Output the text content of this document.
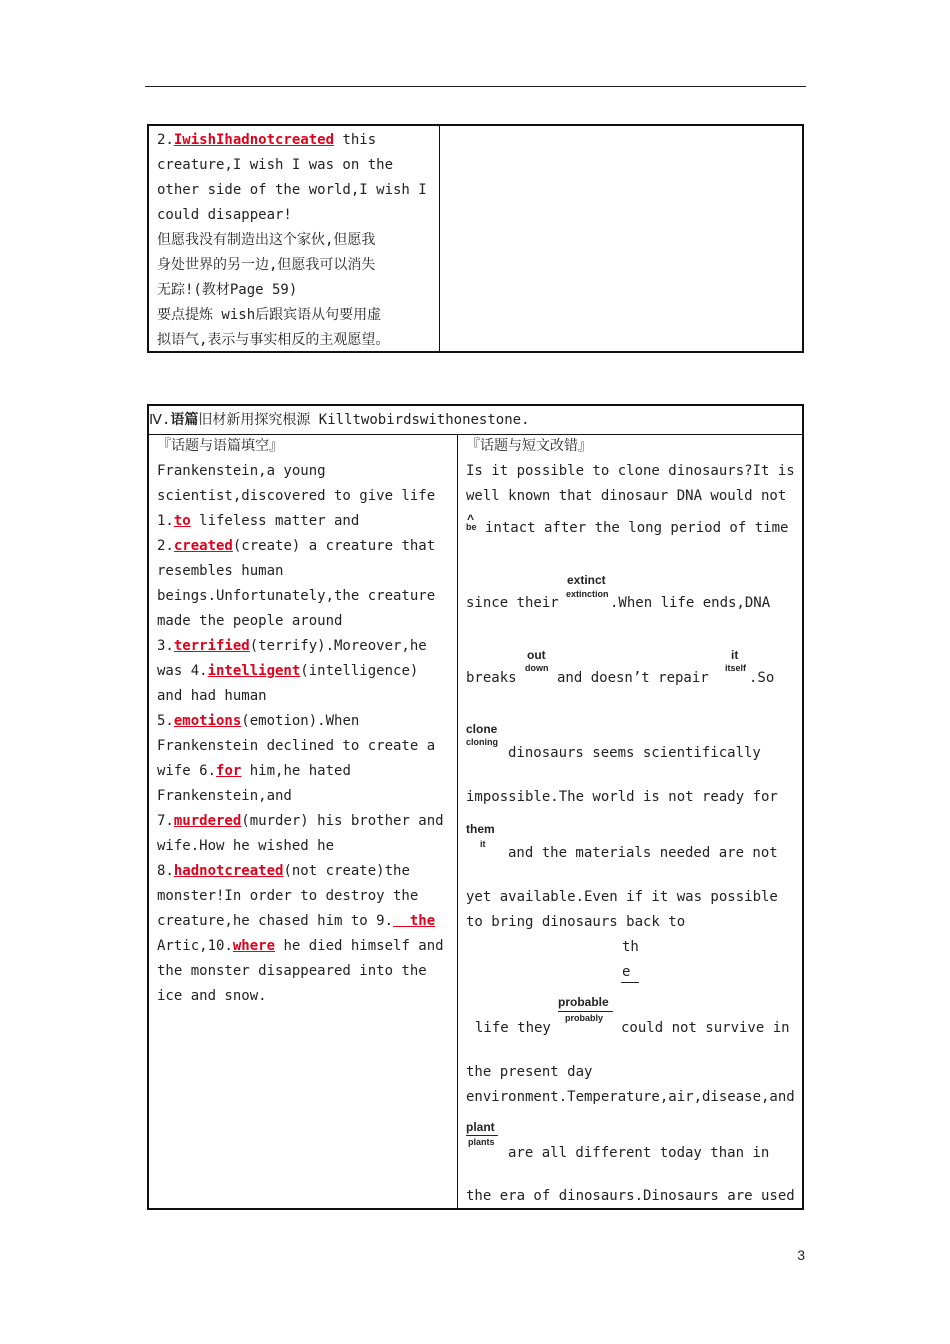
2.IwishIhadnotcreated this
creature,I wish I was on the
other side of the world,I wish I
could disappear!
但愿我没有制造出这个家伙,但愿我
身处世界的另一边,但愿我可以消失
无踪!(教材Page 59)
要点提炼 wish后跟宾语从句要用虚
拟语气,表示与事实相反的主观愿望。
Ⅳ.语篇旧材新用探究根源 Killtwobirdswithonestone.
『话题与语篇填空』
Frankenstein,a young
scientist,discovered to give life
1.to lifeless matter and
2.created(create) a creature that
resembles human
beings.Unfortunately,the creature
made the people around
3.terrified(terrify).Moreover,he
was 4.intelligent(intelligence)
and had human
5.emotions(emotion).When
Frankenstein declined to create a
wife 6.for him,he hated
Frankenstein,and
7.murdered(murder) his brother and
wife.How he wished he
8.hadnotcreated(not create)the
monster!In order to destroy the
creature,he chased him to 9.  the
Artic,10.where he died himself and
the monster disappeared into the
ice and snow.
『话题与短文改错』
Is it possible to clone dinosaurs?It is
well known that dinosaur DNA would not
^
be intact after the long period of time
since their
extinct
extinction
.When life ends,DNA
breaks
out
down
and doesn’t repair
it
itself
.So
clone
cloning
dinosaurs seems scientifically
impossible.The world is not ready for
them
it
and the materials needed are not
yet available.Even if it was possible
to bring dinosaurs back to
th
e
life they
probable
probably
could not survive in
the present day
environment.Temperature,air,disease,and
plant
plants
are all different today than in
the era of dinosaurs.Dinosaurs are used
3
